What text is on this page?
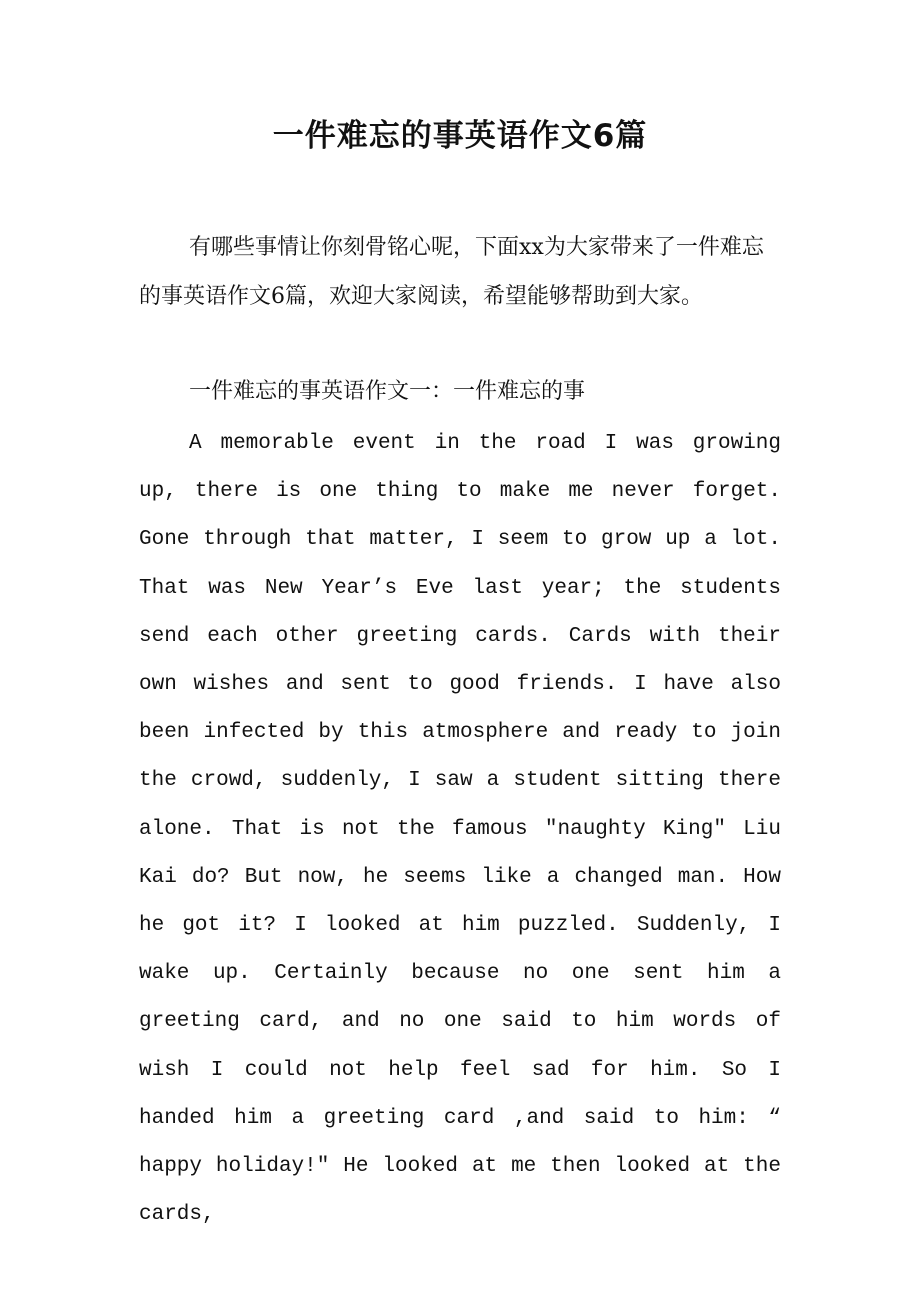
一件难忘的事英语作文6篇

有哪些事情让你刻骨铭心呢，下面xx为大家带来了一件难忘的事英语作文6篇，欢迎大家阅读，希望能够帮助到大家。

一件难忘的事英语作文一：一件难忘的事

A memorable event in the road I was growing up, there is one thing to make me never forget. Gone through that matter, I seem to grow up a lot. That was New Year’s Eve last year; the students send each other greeting cards. Cards with their own wishes and sent to good friends. I have also been infected by this atmosphere and ready to join the crowd, suddenly, I saw a student sitting there alone. That is not the famous "naughty King" Liu Kai do? But now, he seems like a changed man. How he got it? I looked at him puzzled. Suddenly, I wake up. Certainly because no one sent him a greeting card, and no one said to him words of wish I could not help feel sad for him. So I handed him a greeting card ,and said to him: “ happy holiday!" He looked at me then looked at the cards,
